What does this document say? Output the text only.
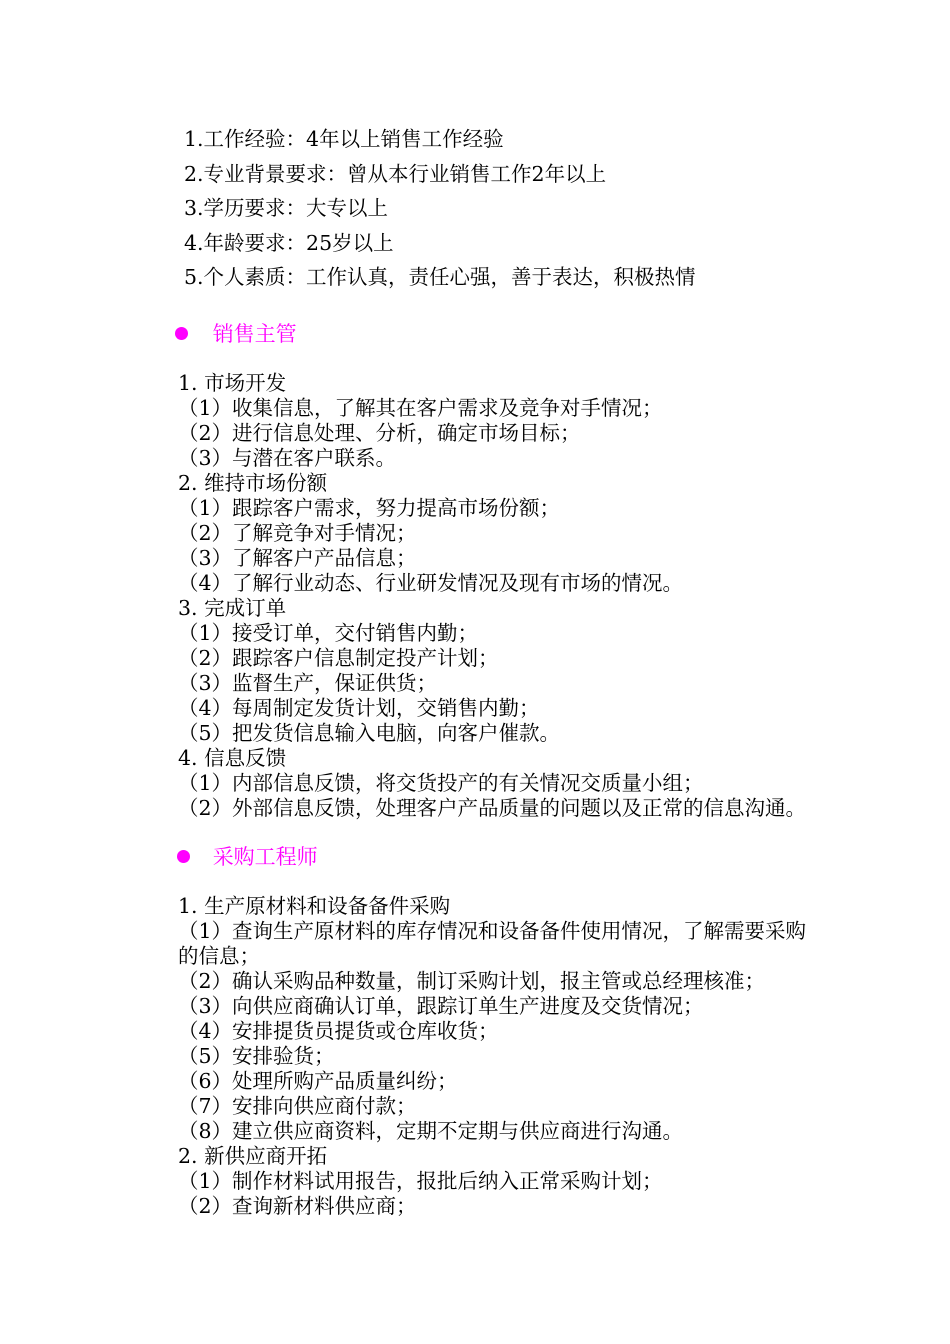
1.工作经验：4年以上销售工作经验
2.专业背景要求：曾从本行业销售工作2年以上
3.学历要求：大专以上
4.年龄要求：25岁以上
5.个人素质：工作认真，责任心强，善于表达，积极热情
销售主管
1. 市场开发
（1）收集信息，了解其在客户需求及竞争对手情况；
（2）进行信息处理、分析，确定市场目标；
（3）与潜在客户联系。
2. 维持市场份额
（1）跟踪客户需求，努力提高市场份额；
（2）了解竞争对手情况；
（3）了解客户产品信息；
（4）了解行业动态、行业研发情况及现有市场的情况。
3. 完成订单
（1）接受订单，交付销售内勤；
（2）跟踪客户信息制定投产计划；
（3）监督生产，保证供货；
（4）每周制定发货计划，交销售内勤；
（5）把发货信息输入电脑，向客户催款。
4. 信息反馈
（1）内部信息反馈，将交货投产的有关情况交质量小组；
（2）外部信息反馈，处理客户产品质量的问题以及正常的信息沟通。
采购工程师
1. 生产原材料和设备备件采购
（1）查询生产原材料的库存情况和设备备件使用情况，了解需要采购的信息；
（2）确认采购品种数量，制订采购计划，报主管或总经理核准；
（3）向供应商确认订单，跟踪订单生产进度及交货情况；
（4）安排提货员提货或仓库收货；
（5）安排验货；
（6）处理所购产品质量纠纷；
（7）安排向供应商付款；
（8）建立供应商资料，定期不定期与供应商进行沟通。
2. 新供应商开拓
（1）制作材料试用报告，报批后纳入正常采购计划；
（2）查询新材料供应商；
